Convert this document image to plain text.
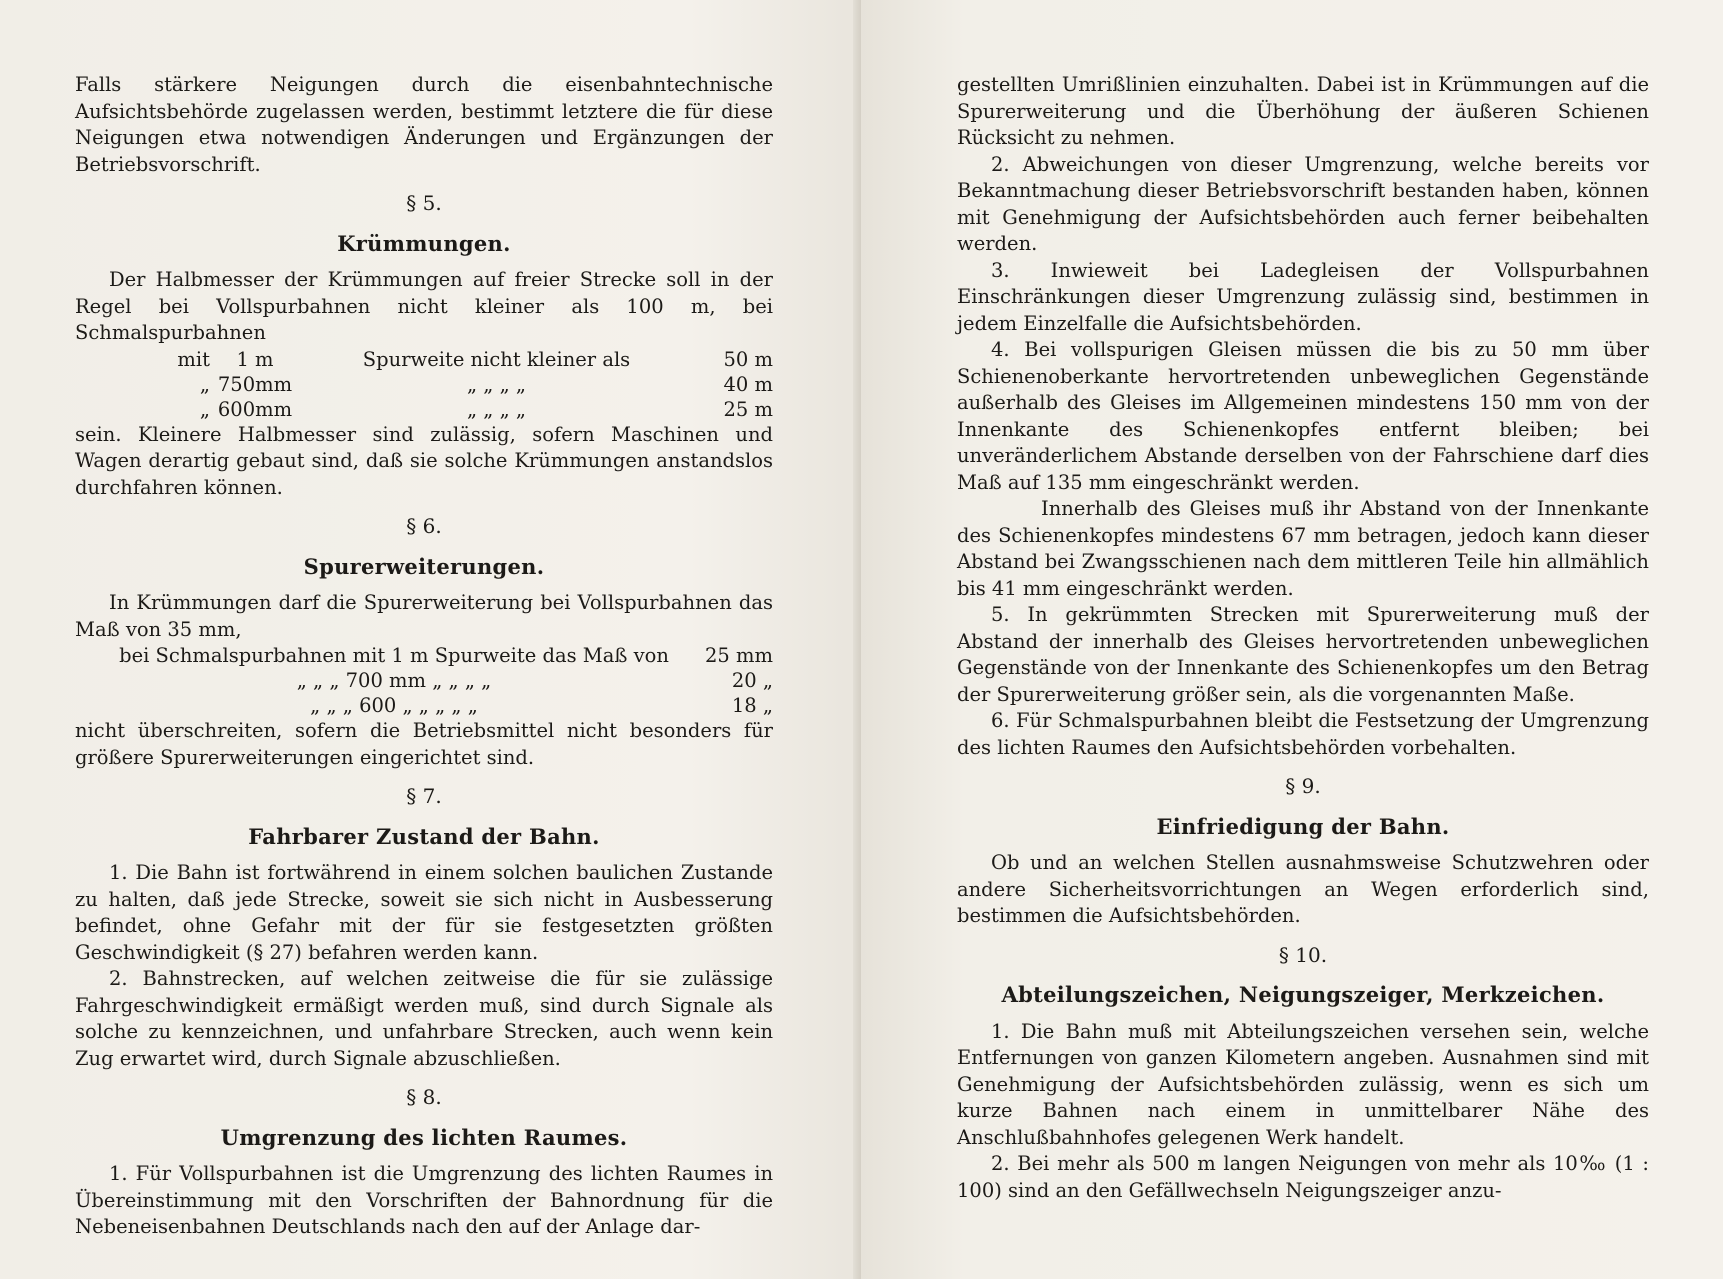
Falls stärkere Neigungen durch die eisenbahntechnische Aufsichtsbehörde zugelassen werden, bestimmt letztere die für diese Neigungen etwa notwendigen Änderungen und Ergänzungen der Betriebsvorschrift.

§ 5.
Krümmungen.

Der Halbmesser der Krümmungen auf freier Strecke soll in der Regel bei Vollspurbahnen nicht kleiner als 100 m, bei Schmalspurbahnen

mit	1 m	Spurweite nicht kleiner als	50 m
„	750mm	„ „ „ „	40 m
„	600mm	„ „ „ „	25 m

sein. Kleinere Halbmesser sind zulässig, sofern Maschinen und Wagen derartig gebaut sind, daß sie solche Krümmungen anstandslos durchfahren können.

§ 6.
Spurerweiterungen.

In Krümmungen darf die Spurerweiterung bei Vollspurbahnen das Maß von 35 mm,

	bei Schmalspurbahnen mit 1 m Spurweite das Maß von	25 mm
	„ „ „ 700 mm „ „ „ „	20 „
	„ „ „ 600 „ „ „ „ „	18 „

nicht überschreiten, sofern die Betriebsmittel nicht besonders für größere Spurerweiterungen eingerichtet sind.

§ 7.
Fahrbarer Zustand der Bahn.

1. Die Bahn ist fortwährend in einem solchen baulichen Zustande zu halten, daß jede Strecke, soweit sie sich nicht in Ausbesserung befindet, ohne Gefahr mit der für sie festgesetzten größten Geschwindigkeit (§ 27) befahren werden kann.

2. Bahnstrecken, auf welchen zeitweise die für sie zulässige Fahrgeschwindigkeit ermäßigt werden muß, sind durch Signale als solche zu kennzeichnen, und unfahrbare Strecken, auch wenn kein Zug erwartet wird, durch Signale abzuschließen.

§ 8.
Umgrenzung des lichten Raumes.

1. Für Vollspurbahnen ist die Umgrenzung des lichten Raumes in Übereinstimmung mit den Vorschriften der Bahnordnung für die Nebeneisenbahnen Deutschlands nach den auf der Anlage dar-

gestellten Umrißlinien einzuhalten. Dabei ist in Krümmungen auf die Spurerweiterung und die Überhöhung der äußeren Schienen Rücksicht zu nehmen.

2. Abweichungen von dieser Umgrenzung, welche bereits vor Bekanntmachung dieser Betriebsvorschrift bestanden haben, können mit Genehmigung der Aufsichtsbehörden auch ferner beibehalten werden.

3. Inwieweit bei Ladegleisen der Vollspurbahnen Einschränkungen dieser Umgrenzung zulässig sind, bestimmen in jedem Einzelfalle die Aufsichtsbehörden.

4. Bei vollspurigen Gleisen müssen die bis zu 50 mm über Schienenoberkante hervortretenden unbeweglichen Gegenstände außerhalb des Gleises im Allgemeinen mindestens 150 mm von der Innenkante des Schienenkopfes entfernt bleiben; bei unveränderlichem Abstande derselben von der Fahrschiene darf dies Maß auf 135 mm eingeschränkt werden.

Innerhalb des Gleises muß ihr Abstand von der Innenkante des Schienenkopfes mindestens 67 mm betragen, jedoch kann dieser Abstand bei Zwangsschienen nach dem mittleren Teile hin allmählich bis 41 mm eingeschränkt werden.

5. In gekrümmten Strecken mit Spurerweiterung muß der Abstand der innerhalb des Gleises hervortretenden unbeweglichen Gegenstände von der Innenkante des Schienenkopfes um den Betrag der Spurerweiterung größer sein, als die vorgenannten Maße.

6. Für Schmalspurbahnen bleibt die Festsetzung der Umgrenzung des lichten Raumes den Aufsichtsbehörden vorbehalten.

§ 9.
Einfriedigung der Bahn.

Ob und an welchen Stellen ausnahmsweise Schutzwehren oder andere Sicherheitsvorrichtungen an Wegen erforderlich sind, bestimmen die Aufsichtsbehörden.

§ 10.
Abteilungszeichen, Neigungszeiger, Merkzeichen.

1. Die Bahn muß mit Abteilungszeichen versehen sein, welche Entfernungen von ganzen Kilometern angeben. Ausnahmen sind mit Genehmigung der Aufsichtsbehörden zulässig, wenn es sich um kurze Bahnen nach einem in unmittelbarer Nähe des Anschlußbahnhofes gelegenen Werk handelt.

2. Bei mehr als 500 m langen Neigungen von mehr als 10‰ (1 : 100) sind an den Gefällwechseln Neigungszeiger anzu-
